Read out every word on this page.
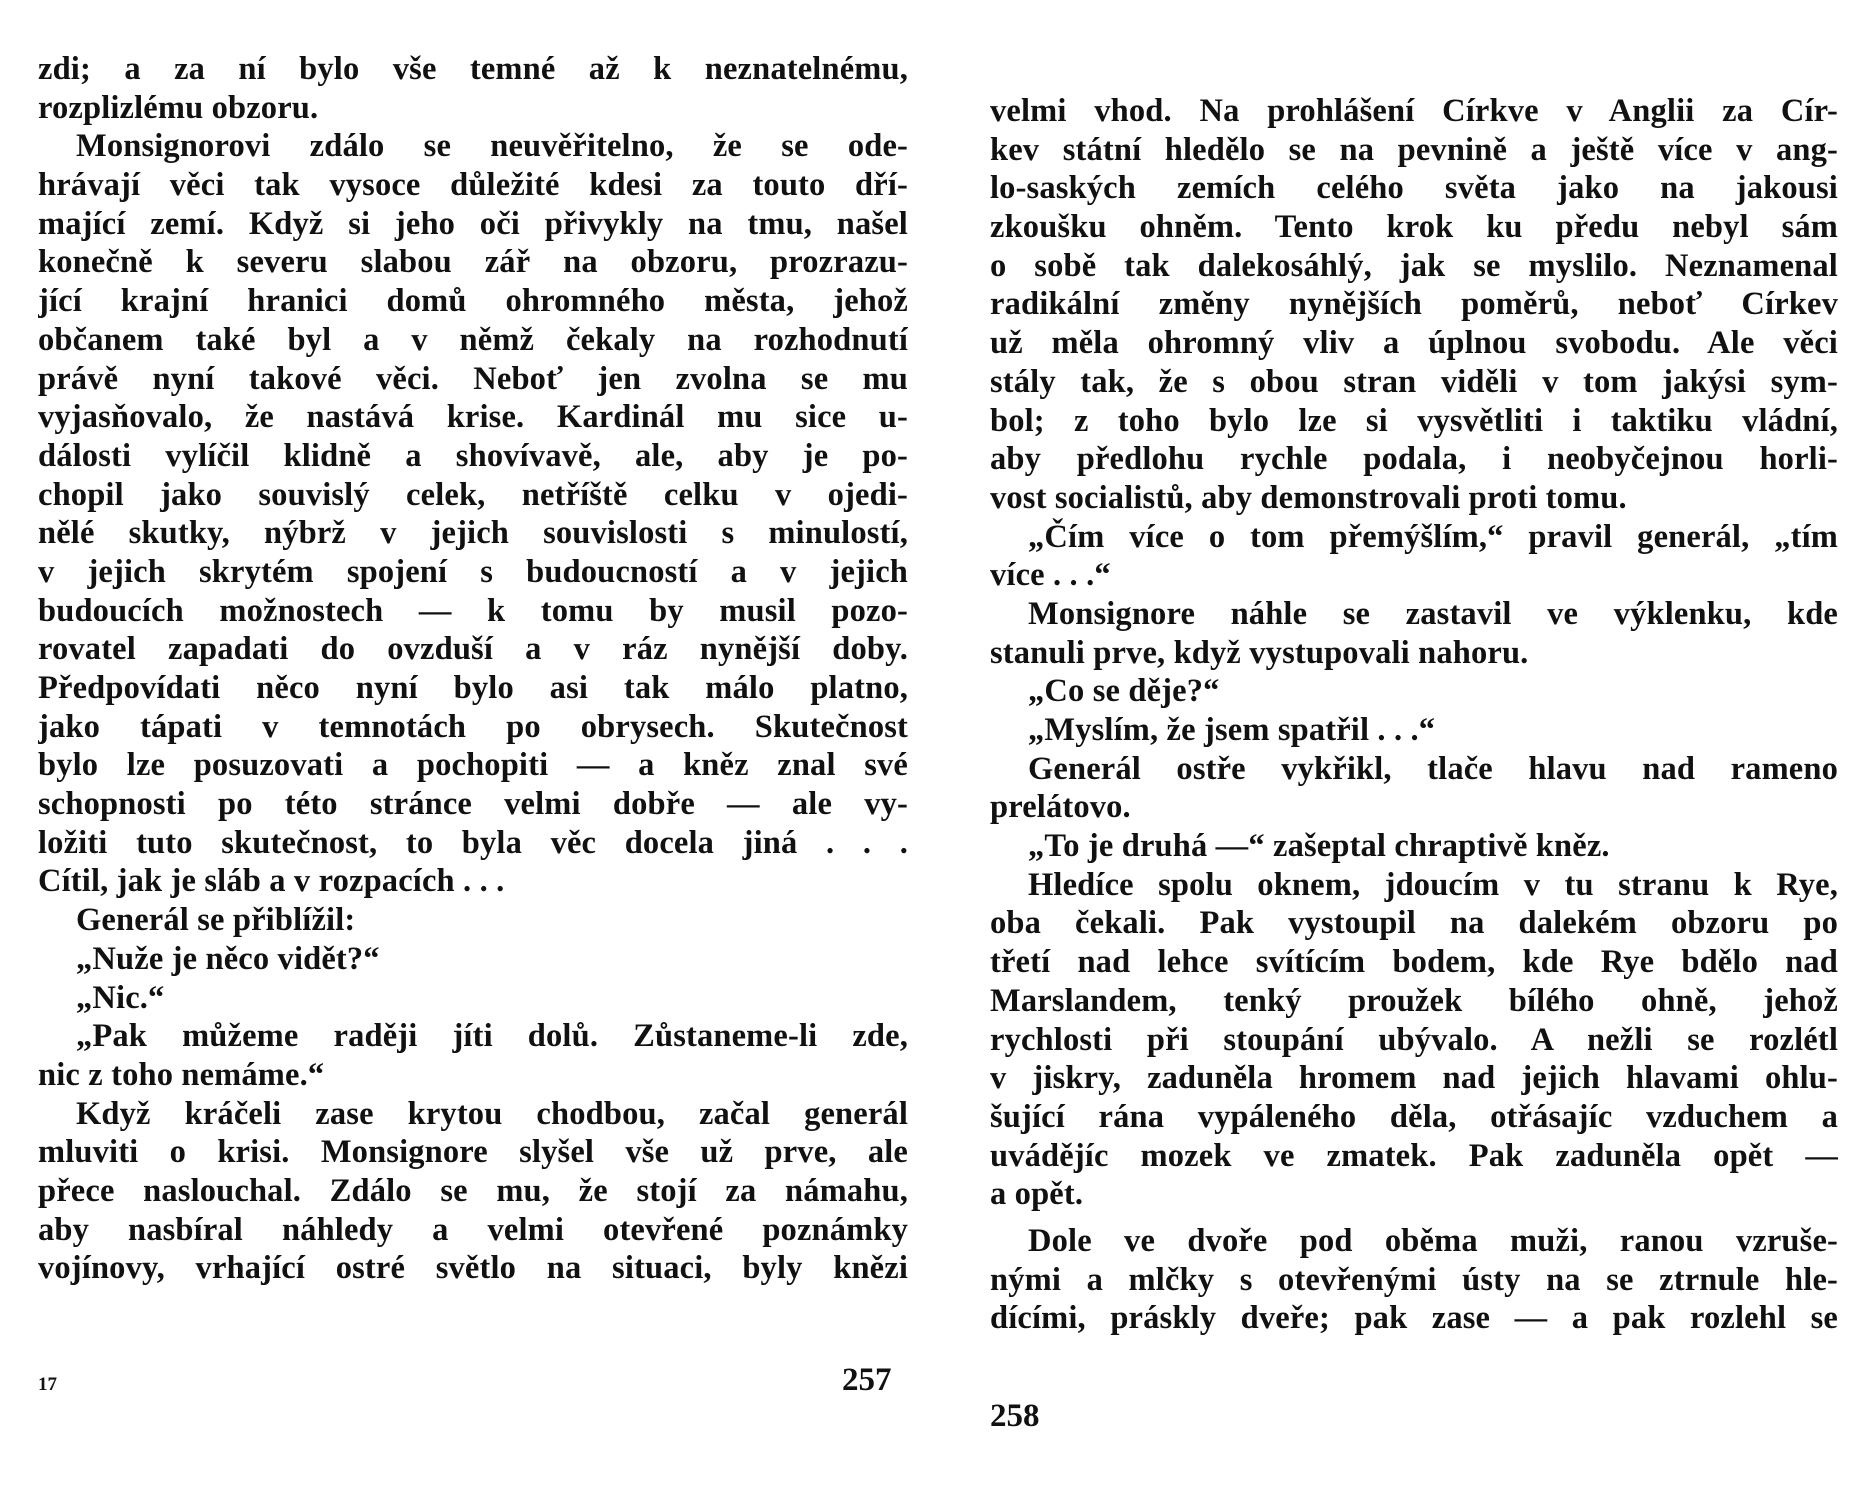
zdi; a za ní bylo vše temné až k neznatelnému,
rozplizlému obzoru.
Monsignorovi zdálo se neuvěřitelno, že se ode-
hrávají věci tak vysoce důležité kdesi za touto dří-
mající zemí. Když si jeho oči přivykly na tmu, našel
konečně k severu slabou zář na obzoru, prozrazu-
jící krajní hranici domů ohromného města, jehož
občanem také byl a v němž čekaly na rozhodnutí
právě nyní takové věci. Neboť jen zvolna se mu
vyjasňovalo, že nastává krise. Kardinál mu sice u-
dálosti vylíčil klidně a shovívavě, ale, aby je po-
chopil jako souvislý celek, netříště celku v ojedi-
nělé skutky, nýbrž v jejich souvislosti s minulostí,
v jejich skrytém spojení s budoucností a v jejich
budoucích možnostech — k tomu by musil pozo-
rovatel zapadati do ovzduší a v ráz nynější doby.
Předpovídati něco nyní bylo asi tak málo platno,
jako tápati v temnotách po obrysech. Skutečnost
bylo lze posuzovati a pochopiti — a kněz znal své
schopnosti po této stránce velmi dobře — ale vy-
ložiti tuto skutečnost, to byla věc docela jiná . . .
Cítil, jak je sláb a v rozpacích . . .
Generál se přiblížil:
„Nuže je něco vidět?“
„Nic.“
„Pak můžeme raději jíti dolů. Zůstaneme-li zde,
nic z toho nemáme.“
Když kráčeli zase krytou chodbou, začal generál
mluviti o krisi. Monsignore slyšel vše už prve, ale
přece naslouchal. Zdálo se mu, že stojí za námahu,
aby nasbíral náhledy a velmi otevřené poznámky
vojínovy, vrhající ostré světlo na situaci, byly knězi
17	257
velmi vhod. Na prohlášení Církve v Anglii za Cír-
kev státní hledělo se na pevnině a ještě více v ang-
lo-saských zemích celého světa jako na jakousi
zkoušku ohněm. Tento krok ku předu nebyl sám
o sobě tak dalekosáhlý, jak se myslilo. Neznamenal
radikální změny nynějších poměrů, neboť Církev
už měla ohromný vliv a úplnou svobodu. Ale věci
stály tak, že s obou stran viděli v tom jakýsi sym-
bol; z toho bylo lze si vysvětliti i taktiku vládní,
aby předlohu rychle podala, i neobyčejnou horli-
vost socialistů, aby demonstrovali proti tomu.
„Čím více o tom přemýšlím,“ pravil generál, „tím
více . . .“
Monsignore náhle se zastavil ve výklenku, kde
stanuli prve, když vystupovali nahoru.
„Co se děje?“
„Myslím, že jsem spatřil . . .“
Generál ostře vykřikl, tlače hlavu nad rameno
prelátovo.
„To je druhá —“ zašeptal chraptivě kněz.
Hledíce spolu oknem, jdoucím v tu stranu k Rye,
oba čekali. Pak vystoupil na dalekém obzoru po
třetí nad lehce svítícím bodem, kde Rye bdělo nad
Marslandem, tenký proužek bílého ohně, jehož
rychlosti při stoupání ubývalo. A nežli se rozlétl
v jiskry, zaduněla hromem nad jejich hlavami ohlu-
šující rána vypáleného děla, otřásajíc vzduchem a
uvádějíc mozek ve zmatek. Pak zaduněla opět —
a opět.
Dole ve dvoře pod oběma muži, ranou vzruše-
nými a mlčky s otevřenými ústy na se ztrnule hle-
dícími, práskly dveře; pak zase — a pak rozlehl se
258
